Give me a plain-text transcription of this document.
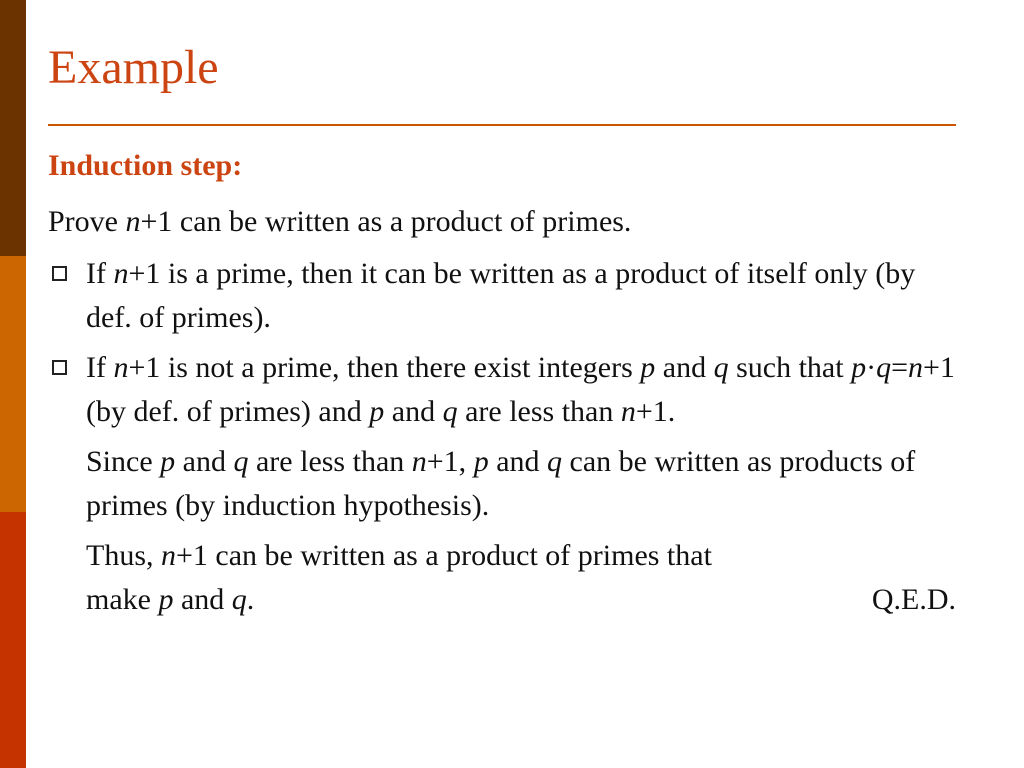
Example
Induction step:
Prove n+1 can be written as a product of primes.
If n+1 is a prime, then it can be written as a product of itself only (by def. of primes).
If n+1 is not a prime, then there exist integers p and q such that p·q=n+1 (by def. of primes) and p and q are less than n+1.
Since p and q are less than n+1, p and q can be written as products of primes (by induction hypothesis).
Thus, n+1 can be written as a product of primes that
make p and q.	Q.E.D.
